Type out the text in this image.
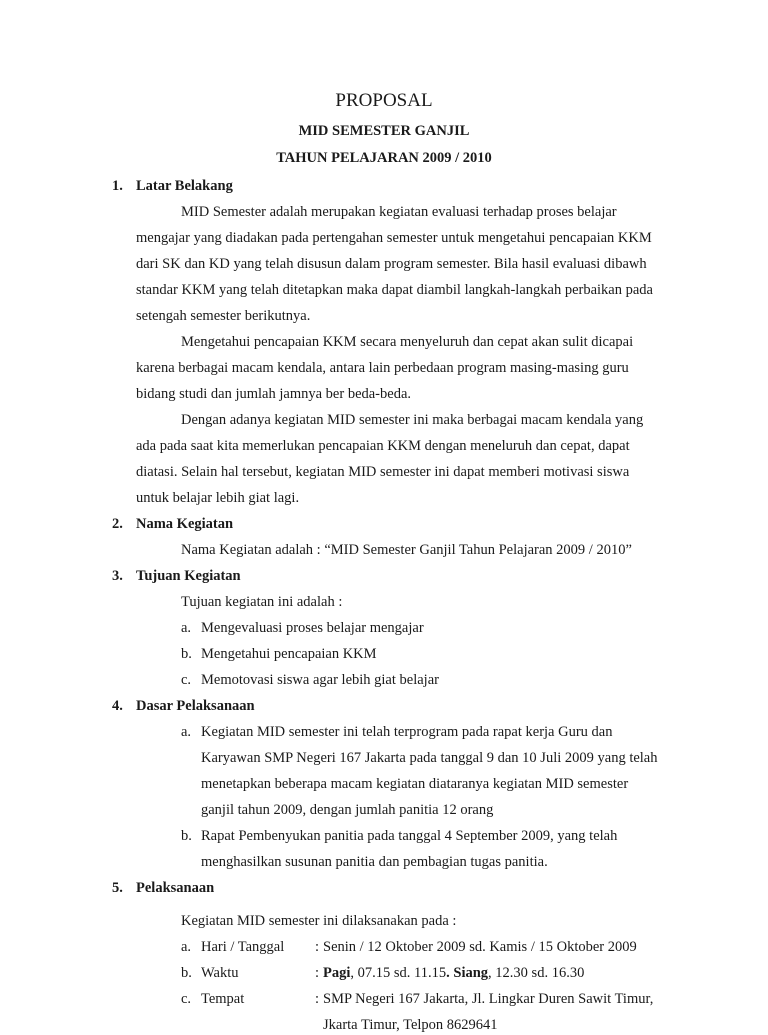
PROPOSAL
MID SEMESTER GANJIL
TAHUN PELAJARAN 2009 / 2010
1. Latar Belakang
MID Semester adalah merupakan kegiatan evaluasi terhadap proses belajar
mengajar yang diadakan pada pertengahan semester untuk mengetahui pencapaian KKM
dari SK dan KD yang telah disusun dalam program semester. Bila hasil evaluasi dibawh
standar KKM yang telah ditetapkan maka dapat diambil langkah-langkah perbaikan pada
setengah semester berikutnya.
Mengetahui pencapaian KKM secara menyeluruh dan cepat akan sulit dicapai
karena berbagai macam kendala, antara lain perbedaan program masing-masing guru
bidang studi dan jumlah jamnya ber beda-beda.
Dengan adanya kegiatan MID semester ini maka berbagai macam kendala yang
ada pada saat kita memerlukan pencapaian KKM dengan meneluruh dan cepat, dapat
diatasi. Selain hal tersebut, kegiatan MID semester ini dapat memberi motivasi siswa
untuk belajar lebih giat lagi.
2. Nama Kegiatan
Nama Kegiatan adalah : “MID Semester Ganjil Tahun Pelajaran 2009 / 2010”
3. Tujuan Kegiatan
Tujuan kegiatan ini adalah :
a. Mengevaluasi proses belajar mengajar
b. Mengetahui pencapaian KKM
c. Memotovasi siswa agar lebih giat belajar
4. Dasar Pelaksanaan
a. Kegiatan MID semester ini telah terprogram pada rapat kerja Guru dan
Karyawan SMP Negeri 167 Jakarta pada tanggal 9 dan 10 Juli 2009 yang telah
menetapkan beberapa macam kegiatan diataranya kegiatan MID semester
ganjil tahun 2009, dengan jumlah panitia 12 orang
b. Rapat Pembenyukan panitia pada tanggal 4 September 2009, yang telah
menghasilkan susunan panitia dan pembagian tugas panitia.
5. Pelaksanaan
Kegiatan MID semester ini dilaksanakan pada :
a. Hari / Tanggal : Senin / 12 Oktober 2009 sd. Kamis / 15 Oktober 2009
b. Waktu	: Pagi, 07.15 sd. 11.15. Siang, 12.30 sd. 16.30
c. Tempat	: SMP Negeri 167 Jakarta, Jl. Lingkar Duren Sawit Timur,
Jkarta Timur, Telpon 8629641
